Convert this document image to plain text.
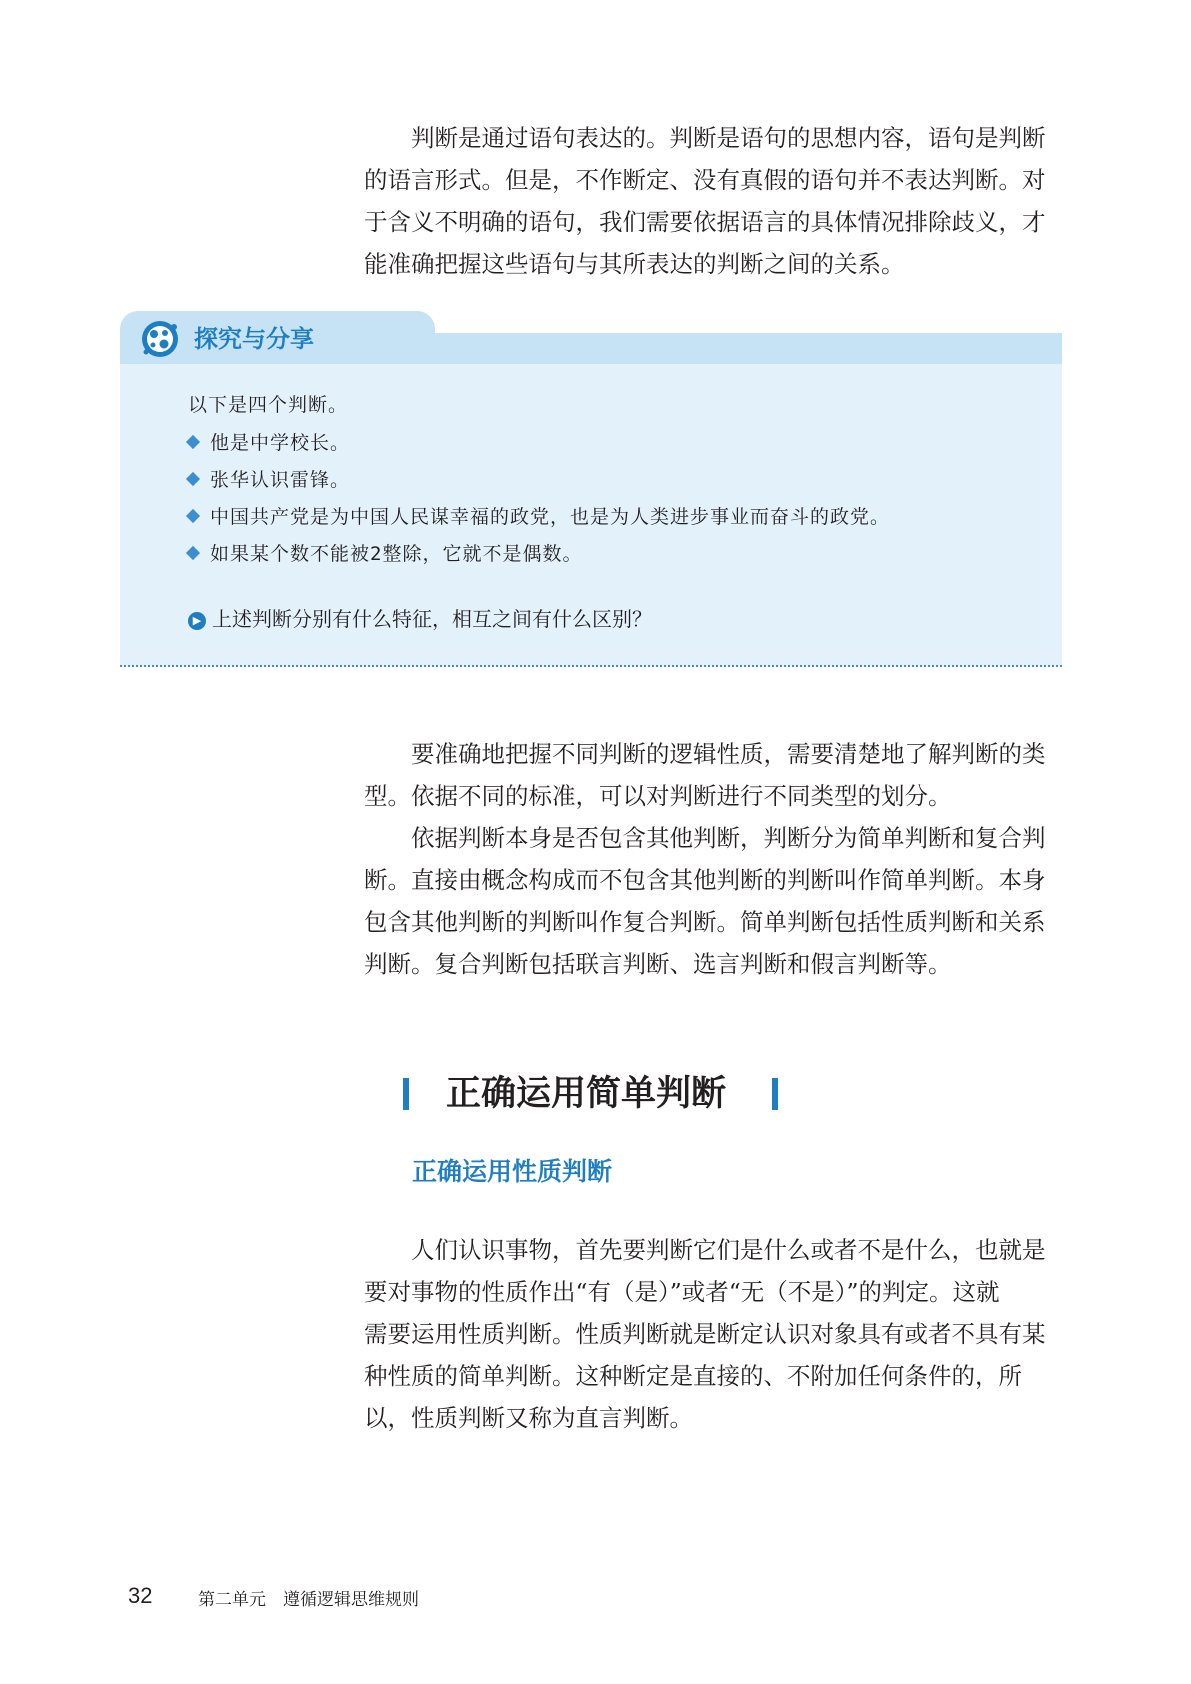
判断是通过语句表达的。判断是语句的思想内容，语句是判断
的语言形式。但是，不作断定、没有真假的语句并不表达判断。对
于含义不明确的语句，我们需要依据语言的具体情况排除歧义，才
能准确把握这些语句与其所表达的判断之间的关系。
探究与分享
以下是四个判断。
他是中学校长。
张华认识雷锋。
中国共产党是为中国人民谋幸福的政党，也是为人类进步事业而奋斗的政党。
如果某个数不能被2整除，它就不是偶数。
▶ 上述判断分别有什么特征，相互之间有什么区别？
要准确地把握不同判断的逻辑性质，需要清楚地了解判断的类
型。依据不同的标准，可以对判断进行不同类型的划分。
依据判断本身是否包含其他判断，判断分为简单判断和复合判
断。直接由概念构成而不包含其他判断的判断叫作简单判断。本身
包含其他判断的判断叫作复合判断。简单判断包括性质判断和关系
判断。复合判断包括联言判断、选言判断和假言判断等。
正确运用简单判断
正确运用性质判断
人们认识事物，首先要判断它们是什么或者不是什么，也就是
要对事物的性质作出“有（是）”或者“无（不是）”的判定。这就
需要运用性质判断。性质判断就是断定认识对象具有或者不具有某
种性质的简单判断。这种断定是直接的、不附加任何条件的，所
以，性质判断又称为直言判断。
32	第二单元　遵循逻辑思维规则
